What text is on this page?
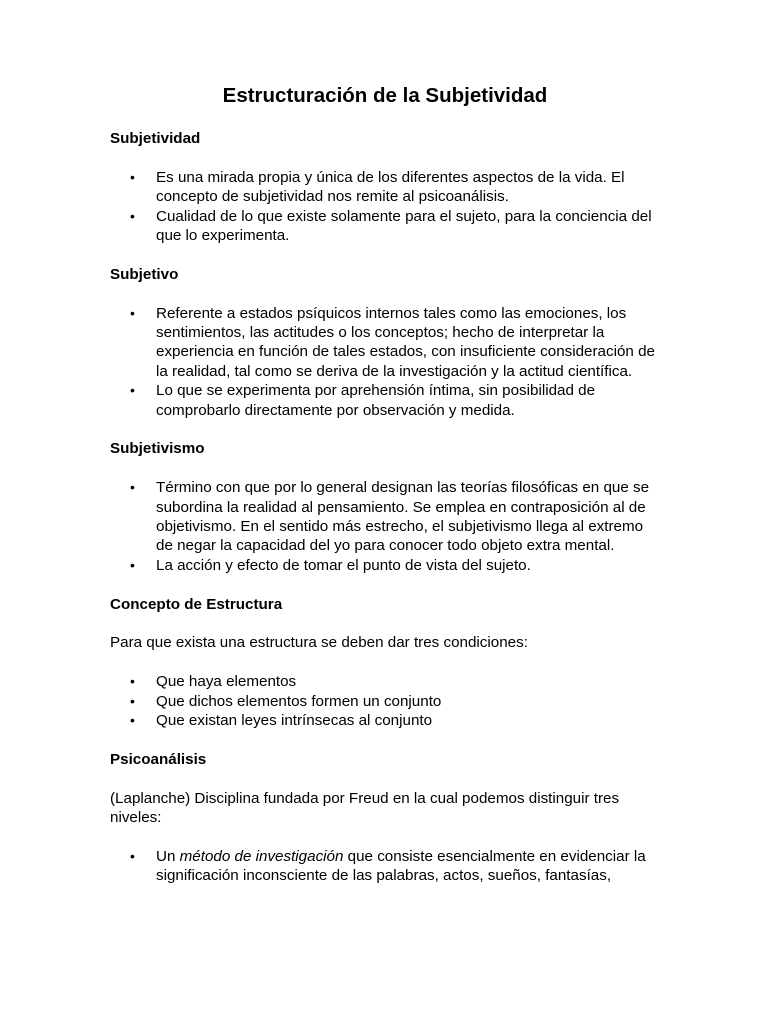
Estructuración de la Subjetividad

Subjetividad

• Es una mirada propia y única de los diferentes aspectos de la vida. El concepto de subjetividad nos remite al psicoanálisis.
• Cualidad de lo que existe solamente para el sujeto, para la conciencia del que lo experimenta.

Subjetivo

• Referente a estados psíquicos internos tales como las emociones, los sentimientos, las actitudes o los conceptos; hecho de interpretar la experiencia en función de tales estados, con insuficiente consideración de la realidad, tal como se deriva de la investigación y la actitud científica.
• Lo que se experimenta por aprehensión íntima, sin posibilidad de comprobarlo directamente por observación y medida.

Subjetivismo

• Término con que por lo general designan las teorías filosóficas en que se subordina la realidad al pensamiento. Se emplea en contraposición al de objetivismo. En el sentido más estrecho, el subjetivismo llega al extremo de negar la capacidad del yo para conocer todo objeto extra mental.
• La acción y efecto de tomar el punto de vista del sujeto.

Concepto de Estructura

Para que exista una estructura se deben dar tres condiciones:

• Que haya elementos
• Que dichos elementos formen un conjunto
• Que existan leyes intrínsecas al conjunto

Psicoanálisis

(Laplanche) Disciplina fundada por Freud en la cual podemos distinguir tres niveles:

• Un método de investigación que consiste esencialmente en evidenciar la significación inconsciente de las palabras, actos, sueños, fantasías,
